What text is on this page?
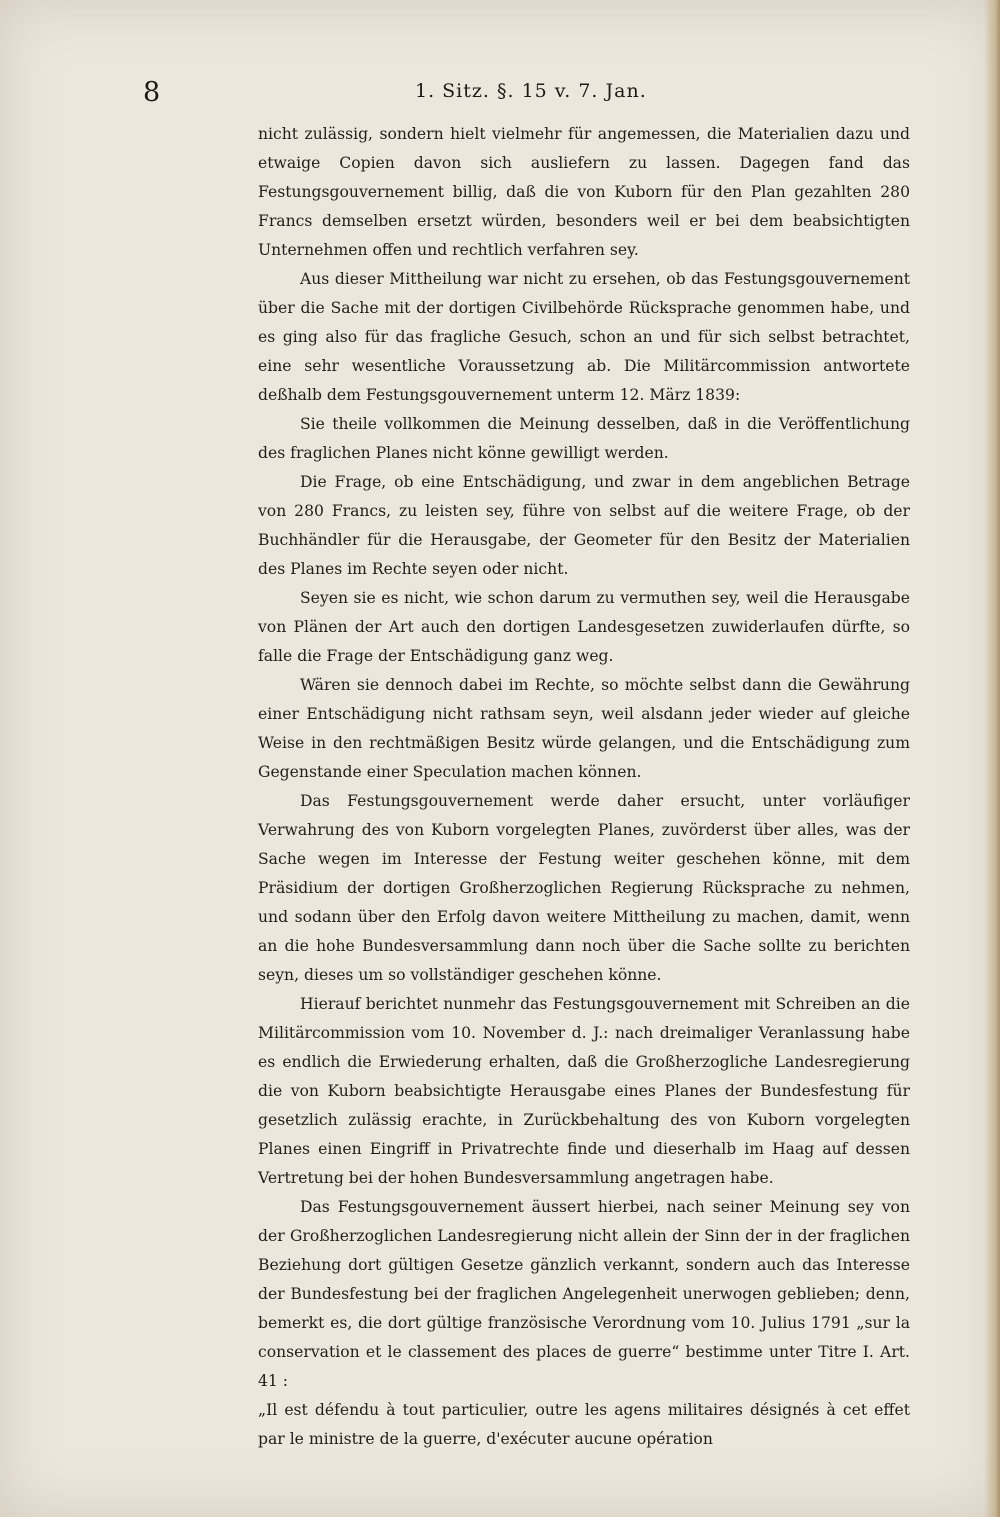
8	1. Sitz. §. 15 v. 7. Jan.

nicht zulässig, sondern hielt vielmehr für angemessen, die Materialien dazu und etwaige Copien davon sich ausliefern zu lassen. Dagegen fand das Festungsgouvernement billig, daß die von Kuborn für den Plan gezahlten 280 Francs demselben ersetzt würden, besonders weil er bei dem beabsichtigten Unternehmen offen und rechtlich verfahren sey.

Aus dieser Mittheilung war nicht zu ersehen, ob das Festungsgouvernement über die Sache mit der dortigen Civilbehörde Rücksprache genommen habe, und es ging also für das fragliche Gesuch, schon an und für sich selbst betrachtet, eine sehr wesentliche Voraussetzung ab. Die Militärcommission antwortete deßhalb dem Festungsgouvernement unterm 12. März 1839:

Sie theile vollkommen die Meinung desselben, daß in die Veröffentlichung des fraglichen Planes nicht könne gewilligt werden.

Die Frage, ob eine Entschädigung, und zwar in dem angeblichen Betrage von 280 Francs, zu leisten sey, führe von selbst auf die weitere Frage, ob der Buchhändler für die Herausgabe, der Geometer für den Besitz der Materialien des Planes im Rechte seyen oder nicht.

Seyen sie es nicht, wie schon darum zu vermuthen sey, weil die Herausgabe von Plänen der Art auch den dortigen Landesgesetzen zuwiderlaufen dürfte, so falle die Frage der Entschädigung ganz weg.

Wären sie dennoch dabei im Rechte, so möchte selbst dann die Gewährung einer Entschädigung nicht rathsam seyn, weil alsdann jeder wieder auf gleiche Weise in den rechtmäßigen Besitz würde gelangen, und die Entschädigung zum Gegenstande einer Speculation machen können.

Das Festungsgouvernement werde daher ersucht, unter vorläufiger Verwahrung des von Kuborn vorgelegten Planes, zuvörderst über alles, was der Sache wegen im Interesse der Festung weiter geschehen könne, mit dem Präsidium der dortigen Großherzoglichen Regierung Rücksprache zu nehmen, und sodann über den Erfolg davon weitere Mittheilung zu machen, damit, wenn an die hohe Bundesversammlung dann noch über die Sache sollte zu berichten seyn, dieses um so vollständiger geschehen könne.

Hierauf berichtet nunmehr das Festungsgouvernement mit Schreiben an die Militärcommission vom 10. November d. J.: nach dreimaliger Veranlassung habe es endlich die Erwiederung erhalten, daß die Großherzogliche Landesregierung die von Kuborn beabsichtigte Herausgabe eines Planes der Bundesfestung für gesetzlich zulässig erachte, in Zurückbehaltung des von Kuborn vorgelegten Planes einen Eingriff in Privatrechte finde und dieserhalb im Haag auf dessen Vertretung bei der hohen Bundesversammlung angetragen habe.

Das Festungsgouvernement äussert hierbei, nach seiner Meinung sey von der Großherzoglichen Landesregierung nicht allein der Sinn der in der fraglichen Beziehung dort gültigen Gesetze gänzlich verkannt, sondern auch das Interesse der Bundesfestung bei der fraglichen Angelegenheit unerwogen geblieben; denn, bemerkt es, die dort gültige französische Verordnung vom 10. Julius 1791 „sur la conservation et le classement des places de guerre“ bestimme unter Titre I. Art. 41 :

„Il est défendu à tout particulier, outre les agens militaires désignés à cet effet par le ministre de la guerre, d'exécuter aucune opération
